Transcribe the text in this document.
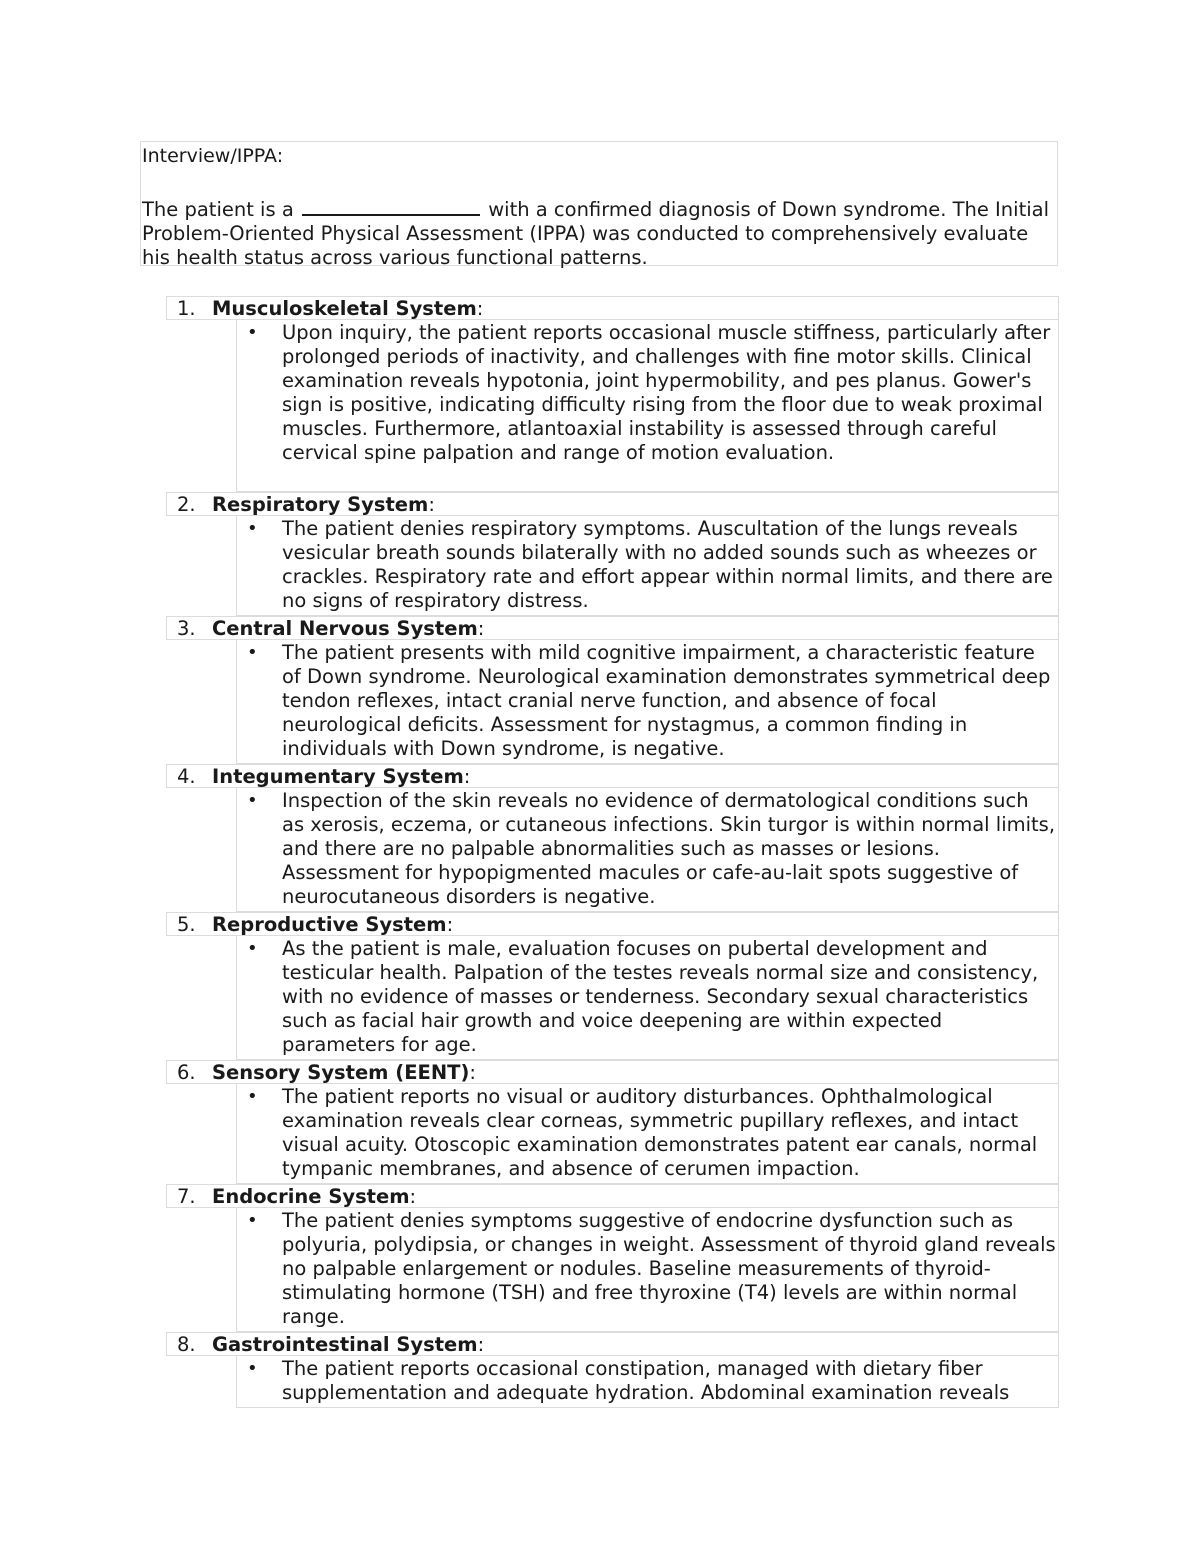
Interview/IPPA:
The patient is a	with a confirmed diagnosis of Down syndrome. The Initial Problem-Oriented Physical Assessment (IPPA) was conducted to comprehensively evaluate his health status across various functional patterns.
1. Musculoskeletal System:
• Upon inquiry, the patient reports occasional muscle stiffness, particularly after prolonged periods of inactivity, and challenges with fine motor skills. Clinical examination reveals hypotonia, joint hypermobility, and pes planus. Gower's sign is positive, indicating difficulty rising from the floor due to weak proximal muscles. Furthermore, atlantoaxial instability is assessed through careful cervical spine palpation and range of motion evaluation.
2. Respiratory System:
• The patient denies respiratory symptoms. Auscultation of the lungs reveals vesicular breath sounds bilaterally with no added sounds such as wheezes or crackles. Respiratory rate and effort appear within normal limits, and there are no signs of respiratory distress.
3. Central Nervous System:
• The patient presents with mild cognitive impairment, a characteristic feature of Down syndrome. Neurological examination demonstrates symmetrical deep tendon reflexes, intact cranial nerve function, and absence of focal neurological deficits. Assessment for nystagmus, a common finding in individuals with Down syndrome, is negative.
4. Integumentary System:
• Inspection of the skin reveals no evidence of dermatological conditions such as xerosis, eczema, or cutaneous infections. Skin turgor is within normal limits, and there are no palpable abnormalities such as masses or lesions. Assessment for hypopigmented macules or cafe-au-lait spots suggestive of neurocutaneous disorders is negative.
5. Reproductive System:
• As the patient is male, evaluation focuses on pubertal development and testicular health. Palpation of the testes reveals normal size and consistency, with no evidence of masses or tenderness. Secondary sexual characteristics such as facial hair growth and voice deepening are within expected parameters for age.
6. Sensory System (EENT):
• The patient reports no visual or auditory disturbances. Ophthalmological examination reveals clear corneas, symmetric pupillary reflexes, and intact visual acuity. Otoscopic examination demonstrates patent ear canals, normal tympanic membranes, and absence of cerumen impaction.
7. Endocrine System:
• The patient denies symptoms suggestive of endocrine dysfunction such as polyuria, polydipsia, or changes in weight. Assessment of thyroid gland reveals no palpable enlargement or nodules. Baseline measurements of thyroid-stimulating hormone (TSH) and free thyroxine (T4) levels are within normal range.
8. Gastrointestinal System:
• The patient reports occasional constipation, managed with dietary fiber supplementation and adequate hydration. Abdominal examination reveals
